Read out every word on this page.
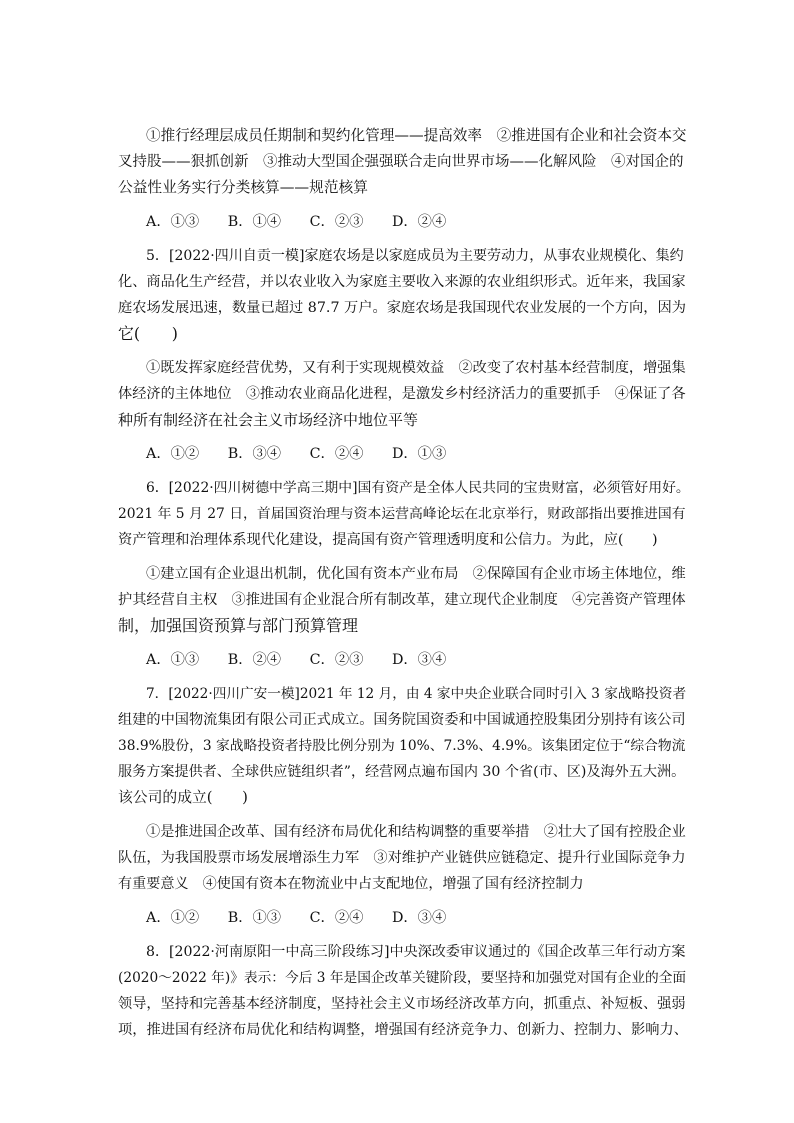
①推行经理层成员任期制和契约化管理——提高效率　②推进国有企业和社会资本交
叉持股——狠抓创新　③推动大型国企强强联合走向世界市场——化解风险　④对国企的
公益性业务实行分类核算——规范核算
A．①③　　B．①④　　C．②③　　D．②④
5．[2022·四川自贡一模]家庭农场是以家庭成员为主要劳动力，从事农业规模化、集约
化、商品化生产经营，并以农业收入为家庭主要收入来源的农业组织形式。近年来，我国家
庭农场发展迅速，数量已超过 87.7 万户。家庭农场是我国现代农业发展的一个方向，因为
它(　　)
①既发挥家庭经营优势，又有利于实现规模效益　②改变了农村基本经营制度，增强集
体经济的主体地位　③推动农业商品化进程，是激发乡村经济活力的重要抓手　④保证了各
种所有制经济在社会主义市场经济中地位平等
A．①②　　B．③④　　C．②④　　D．①③
6．[2022·四川树德中学高三期中]国有资产是全体人民共同的宝贵财富，必须管好用好。
2021 年 5 月 27 日，首届国资治理与资本运营高峰论坛在北京举行，财政部指出要推进国有
资产管理和治理体系现代化建设，提高国有资产管理透明度和公信力。为此，应(　　)
①建立国有企业退出机制，优化国有资本产业布局　②保障国有企业市场主体地位，维
护其经营自主权　③推进国有企业混合所有制改革，建立现代企业制度　④完善资产管理体
制，加强国资预算与部门预算管理
A．①③　　B．②④　　C．②③　　D．③④
7．[2022·四川广安一模]2021 年 12 月，由 4 家中央企业联合同时引入 3 家战略投资者
组建的中国物流集团有限公司正式成立。国务院国资委和中国诚通控股集团分别持有该公司
38.9%股份，3 家战略投资者持股比例分别为 10%、7.3%、4.9%。该集团定位于“综合物流
服务方案提供者、全球供应链组织者”，经营网点遍布国内 30 个省(市、区)及海外五大洲。
该公司的成立(　　)
①是推进国企改革、国有经济布局优化和结构调整的重要举措　②壮大了国有控股企业
队伍，为我国股票市场发展增添生力军　③对维护产业链供应链稳定、提升行业国际竞争力
有重要意义　④使国有资本在物流业中占支配地位，增强了国有经济控制力
A．①②　　B．①③　　C．②④　　D．③④
8．[2022·河南原阳一中高三阶段练习]中央深改委审议通过的《国企改革三年行动方案
(2020～2022 年)》表示：今后 3 年是国企改革关键阶段，要坚持和加强党对国有企业的全面
领导，坚持和完善基本经济制度，坚持社会主义市场经济改革方向，抓重点、补短板、强弱
项，推进国有经济布局优化和结构调整，增强国有经济竞争力、创新力、控制力、影响力、
